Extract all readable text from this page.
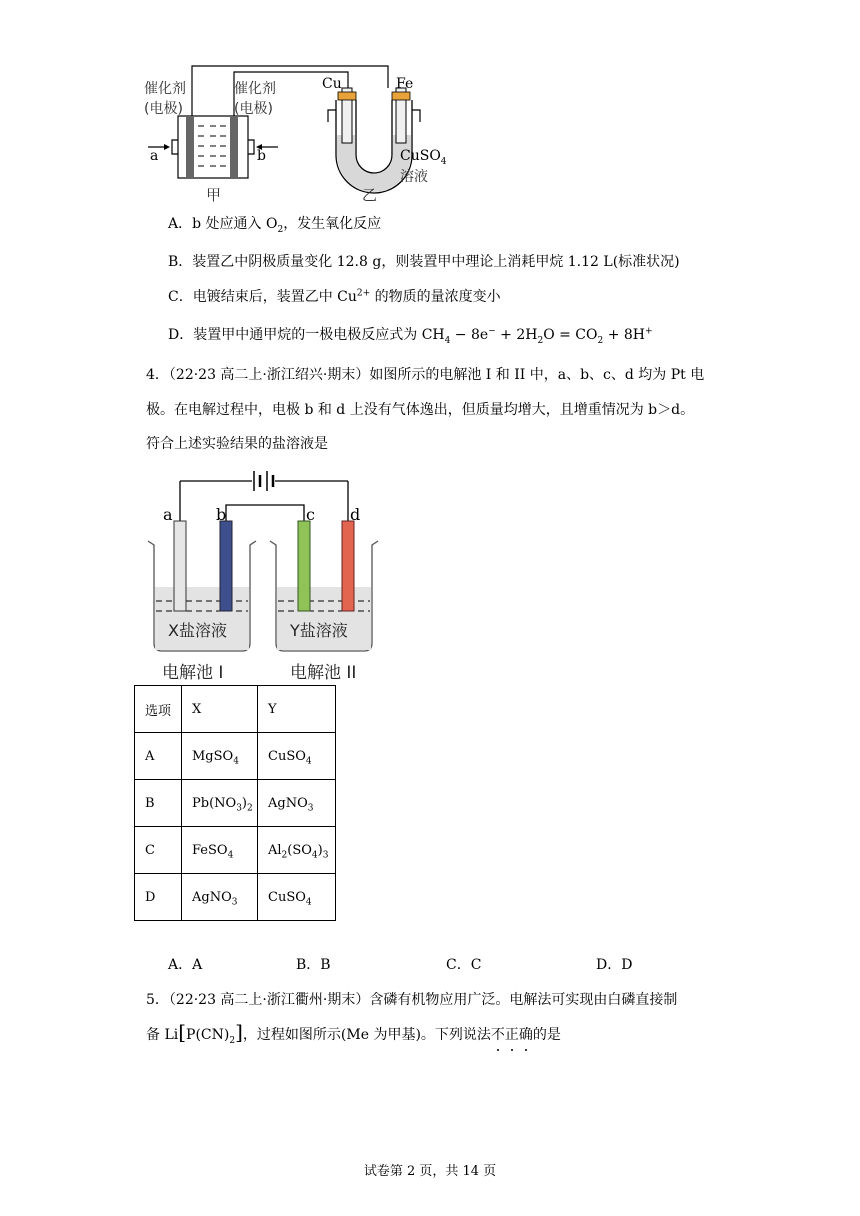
催化剂
(电极)
催化剂
(电极)
Cu	Fe
a	b	CuSO$_4$
溶液
甲	乙
A．b 处应通入 $O_2$，发生氧化反应
B．装置乙中阴极质量变化 12.8 g，则装置甲中理论上消耗甲烷 1.12 L(标准状况)
C．电镀结束后，装置乙中 $Cu^{2+}$ 的物质的量浓度变小
D．装置甲中通甲烷的一极电极反应式为 $CH_4 - 8e^- + 2H_2O = CO_2 + 8H^+$
4．（22·23 高二上·浙江绍兴·期末）如图所示的电解池 I 和 II 中，a、b、c、d 均为 Pt 电
极。在电解过程中，电极 b 和 d 上没有气体逸出，但质量均增大，且增重情况为 b＞d。
符合上述实验结果的盐溶液是
a	b	c d
X盐溶液	Y盐溶液
电解池 I	电解池 II
选项	X	Y
A	MgSO$_4$	CuSO$_4$
B	$Pb(NO_3)_2$	AgNO$_3$
C	FeSO$_4$	$Al_2(SO_4)_3$
D	AgNO$_3$	CuSO$_4$
A．A	B．B	C．C	D．D
5．（22·23 高二上·浙江衢州·期末）含磷有机物应用广泛。电解法可实现由白磷直接制
备 $Li[P(CN)_2]$，过程如图所示(Me 为甲基)。下列说法不正确的是
试卷第 2 页，共 14 页
